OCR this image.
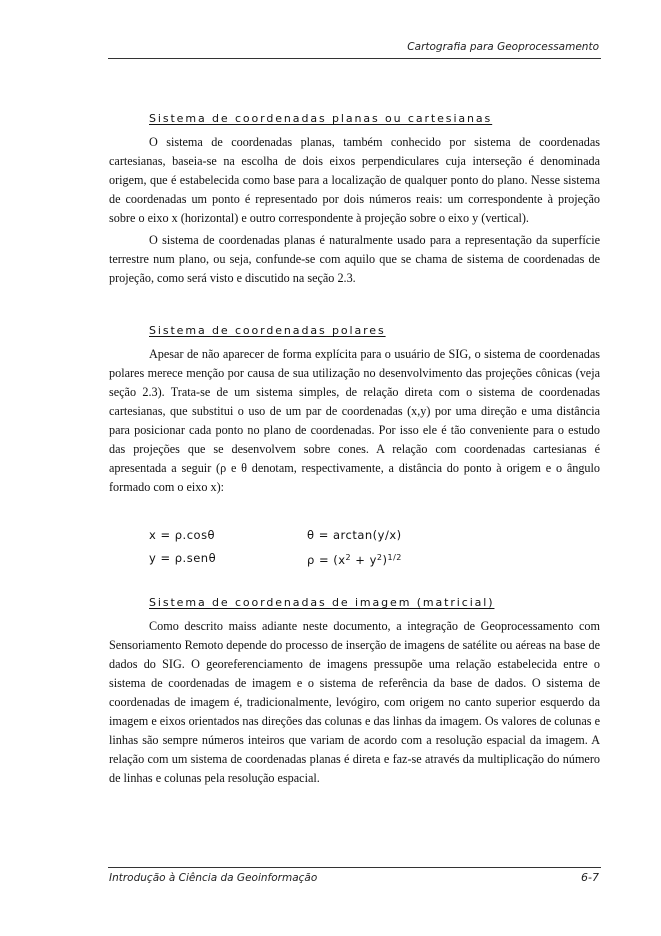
Cartografia para Geoprocessamento
Sistema de coordenadas planas ou cartesianas

O sistema de coordenadas planas, também conhecido por sistema de coordenadas cartesianas, baseia-se na escolha de dois eixos perpendiculares cuja interseção é denominada origem, que é estabelecida como base para a localização de qualquer ponto do plano. Nesse sistema de coordenadas um ponto é representado por dois números reais: um correspondente à projeção sobre o eixo x (horizontal) e outro correspondente à projeção sobre o eixo y (vertical).

O sistema de coordenadas planas é naturalmente usado para a representação da superfície terrestre num plano, ou seja, confunde-se com aquilo que se chama de sistema de coordenadas de projeção, como será visto e discutido na seção 2.3.

Sistema de coordenadas polares

Apesar de não aparecer de forma explícita para o usuário de SIG, o sistema de coordenadas polares merece menção por causa de sua utilização no desenvolvimento das projeções cônicas (veja seção 2.3). Trata-se de um sistema simples, de relação direta com o sistema de coordenadas cartesianas, que substitui o uso de um par de coordenadas (x,y) por uma direção e uma distância para posicionar cada ponto no plano de coordenadas. Por isso ele é tão conveniente para o estudo das projeções que se desenvolvem sobre cones. A relação com coordenadas cartesianas é apresentada a seguir (ρ e θ denotam, respectivamente, a distância do ponto à origem e o ângulo formado com o eixo x):

x = ρ.cosθ	θ = arctan(y/x)
y = ρ.senθ	$\rho = (x^2 + y^2)^{1/2}$
Sistema de coordenadas de imagem (matricial)

Como descrito maiss adiante neste documento, a integração de Geoprocessamento com Sensoriamento Remoto depende do processo de inserção de imagens de satélite ou aéreas na base de dados do SIG. O georeferenciamento de imagens pressupõe uma relação estabelecida entre o sistema de coordenadas de imagem e o sistema de referência da base de dados. O sistema de coordenadas de imagem é, tradicionalmente, levógiro, com origem no canto superior esquerdo da imagem e eixos orientados nas direções das colunas e das linhas da imagem. Os valores de colunas e linhas são sempre números inteiros que variam de acordo com a resolução espacial da imagem. A relação com um sistema de coordenadas planas é direta e faz-se através da multiplicação do número de linhas e colunas pela resolução espacial.

Introdução à Ciência da Geoinformação	6-7
